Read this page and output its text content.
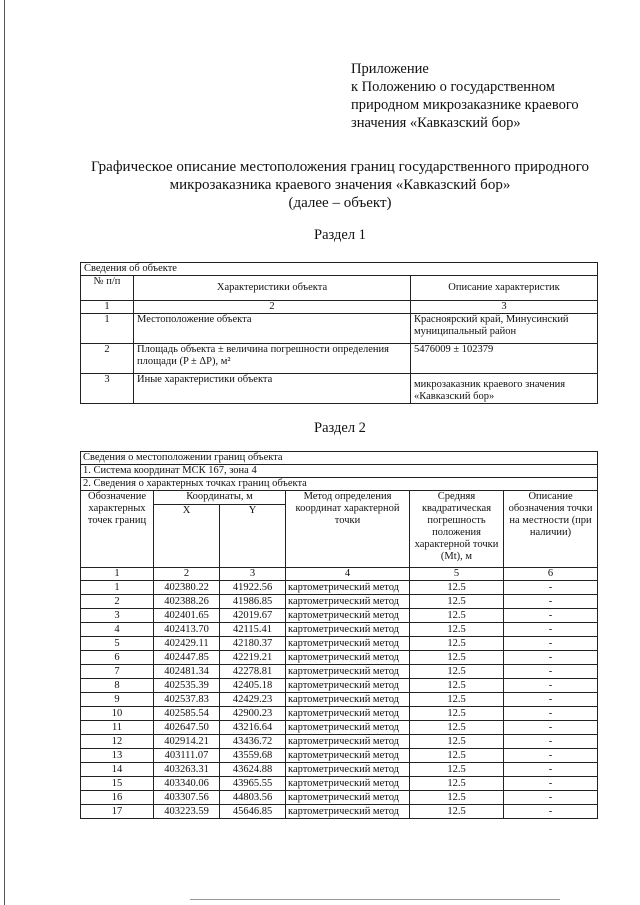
Приложение
к Положению о государственном
природном микрозаказнике краевого
значения «Кавказский бор»
Графическое описание местоположения границ государственного природного
микрозаказника краевого значения «Кавказский бор»
(далее – объект)
Раздел 1
Сведения об объекте		
№ п/п	Характеристики объекта	Описание характеристик
1	2	3
1	Местоположение объекта	Красноярский край, Минусинский муниципальный район
2	Площадь объекта ± величина погрешности определения площади (P ± ΔP), м²	5476009 ± 102379
3	Иные характеристики объекта	микрозаказник краевого значения «Кавказский бор»
Раздел 2
Сведения о местоположении границ объекта					
1. Система координат МСК 167, зона 4					
2. Сведения о характерных точках границ объекта					
Обозначение характерных точек границ	Координаты, м		Метод определения координат характерной точки	Средняя квадратическая погрешность положения характерной точки (Mt), м	Описание обозначения точки на местности (при наличии)
	X	Y			
1	2	3	4	5	6
1	402380.22	41922.56	картометрический метод	12.5	-
2	402388.26	41986.85	картометрический метод	12.5	-
3	402401.65	42019.67	картометрический метод	12.5	-
4	402413.70	42115.41	картометрический метод	12.5	-
5	402429.11	42180.37	картометрический метод	12.5	-
6	402447.85	42219.21	картометрический метод	12.5	-
7	402481.34	42278.81	картометрический метод	12.5	-
8	402535.39	42405.18	картометрический метод	12.5	-
9	402537.83	42429.23	картометрический метод	12.5	-
10	402585.54	42900.23	картометрический метод	12.5	-
11	402647.50	43216.64	картометрический метод	12.5	-
12	402914.21	43436.72	картометрический метод	12.5	-
13	403111.07	43559.68	картометрический метод	12.5	-
14	403263.31	43624.88	картометрический метод	12.5	-
15	403340.06	43965.55	картометрический метод	12.5	-
16	403307.56	44803.56	картометрический метод	12.5	-
17	403223.59	45646.85	картометрический метод	12.5	-
